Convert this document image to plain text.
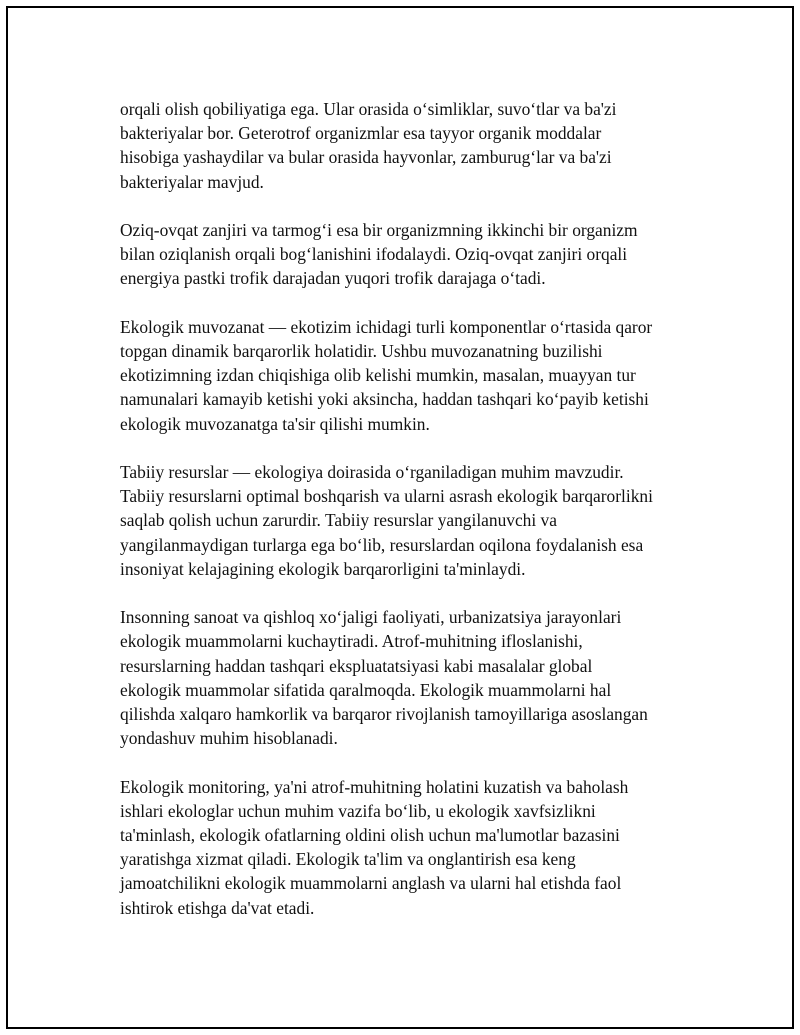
orqali olish qobiliyatiga ega. Ular orasida o‘simliklar, suvo‘tlar va ba'zi
bakteriyalar bor. Geterotrof organizmlar esa tayyor organik moddalar
hisobiga yashaydilar va bular orasida hayvonlar, zamburug‘lar va ba'zi
bakteriyalar mavjud.

Oziq-ovqat zanjiri va tarmog‘i esa bir organizmning ikkinchi bir organizm
bilan oziqlanish orqali bog‘lanishini ifodalaydi. Oziq-ovqat zanjiri orqali
energiya pastki trofik darajadan yuqori trofik darajaga o‘tadi.

Ekologik muvozanat — ekotizim ichidagi turli komponentlar o‘rtasida qaror
topgan dinamik barqarorlik holatidir. Ushbu muvozanatning buzilishi
ekotizimning izdan chiqishiga olib kelishi mumkin, masalan, muayyan tur
namunalari kamayib ketishi yoki aksincha, haddan tashqari ko‘payib ketishi
ekologik muvozanatga ta'sir qilishi mumkin.

Tabiiy resurslar — ekologiya doirasida o‘rganiladigan muhim mavzudir.
Tabiiy resurslarni optimal boshqarish va ularni asrash ekologik barqarorlikni
saqlab qolish uchun zarurdir. Tabiiy resurslar yangilanuvchi va
yangilanmaydigan turlarga ega bo‘lib, resurslardan oqilona foydalanish esa
insoniyat kelajagining ekologik barqarorligini ta'minlaydi.

Insonning sanoat va qishloq xo‘jaligi faoliyati, urbanizatsiya jarayonlari
ekologik muammolarni kuchaytiradi. Atrof-muhitning ifloslanishi,
resurslarning haddan tashqari ekspluatatsiyasi kabi masalalar global
ekologik muammolar sifatida qaralmoqda. Ekologik muammolarni hal
qilishda xalqaro hamkorlik va barqaror rivojlanish tamoyillariga asoslangan
yondashuv muhim hisoblanadi.

Ekologik monitoring, ya'ni atrof-muhitning holatini kuzatish va baholash
ishlari ekologlar uchun muhim vazifa bo‘lib, u ekologik xavfsizlikni
ta'minlash, ekologik ofatlarning oldini olish uchun ma'lumotlar bazasini
yaratishga xizmat qiladi. Ekologik ta'lim va onglantirish esa keng
jamoatchilikni ekologik muammolarni anglash va ularni hal etishda faol
ishtirok etishga da'vat etadi.
